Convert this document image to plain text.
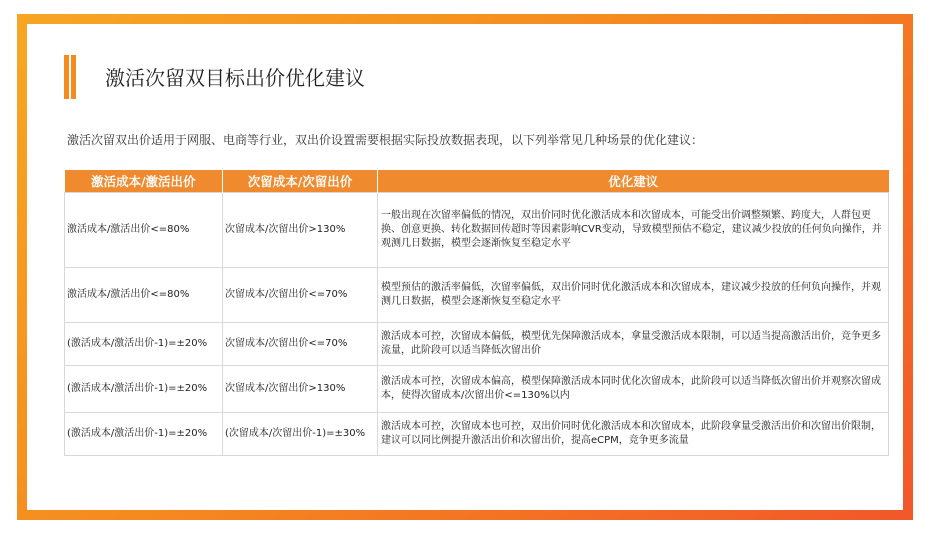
激活次留双目标出价优化建议
激活次留双出价适用于网服、电商等行业，双出价设置需要根据实际投放数据表现，以下列举常见几种场景的优化建议：
激活成本/激活出价	次留成本/次留出价	优化建议
激活成本/激活出价<=80%	次留成本/次留出价>130%	一般出现在次留率偏低的情况，双出价同时优化激活成本和次留成本，可能受出价调整频繁、跨度大，人群包更换、创意更换、转化数据回传超时等因素影响CVR变动，导致模型预估不稳定，建议减少投放的任何负向操作，并观测几日数据，模型会逐渐恢复至稳定水平
激活成本/激活出价<=80%	次留成本/次留出价<=70%	模型预估的激活率偏低，次留率偏低，双出价同时优化激活成本和次留成本，建议减少投放的任何负向操作，并观测几日数据，模型会逐渐恢复至稳定水平
(激活成本/激活出价-1)=±20%	次留成本/次留出价<=70%	激活成本可控，次留成本偏低，模型优先保障激活成本，拿量受激活成本限制，可以适当提高激活出价，竞争更多流量，此阶段可以适当降低次留出价
(激活成本/激活出价-1)=±20%	次留成本/次留出价>130%	激活成本可控，次留成本偏高，模型保障激活成本同时优化次留成本，此阶段可以适当降低次留出价并观察次留成本，使得次留成本/次留出价<=130%以内
(激活成本/激活出价-1)=±20%	(次留成本/次留出价-1)=±30%	激活成本可控，次留成本也可控，双出价同时优化激活成本和次留成本，此阶段拿量受激活出价和次留出价限制，建议可以同比例提升激活出价和次留出价，提高eCPM，竞争更多流量
